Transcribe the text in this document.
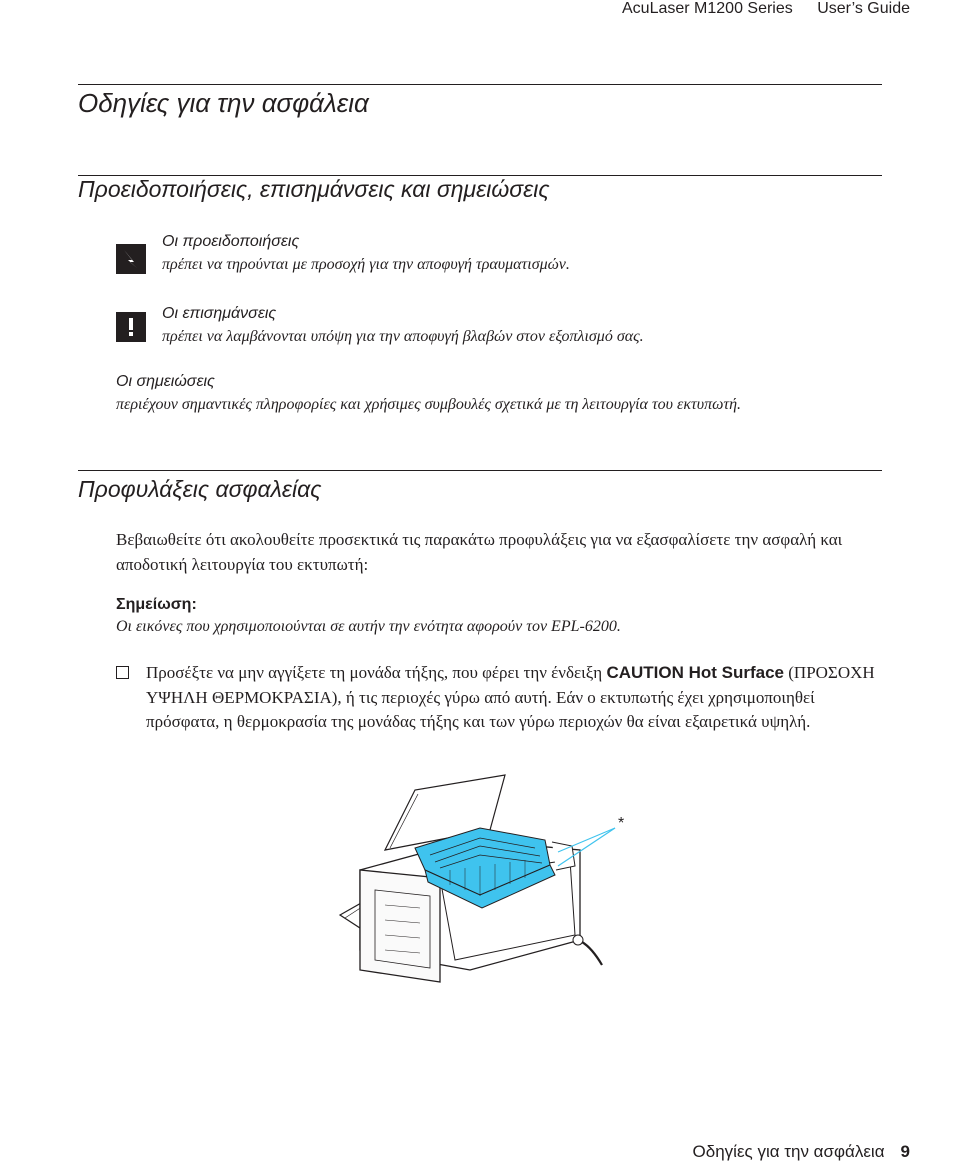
AcuLaser M1200 Series User’s Guide
Οδηγίες για την ασφάλεια
Προειδοποιήσεις, επισημάνσεις και σημειώσεις
Οι προειδοποιήσεις
πρέπει να τηρούνται με προσοχή για την αποφυγή τραυματισμών.
Οι επισημάνσεις
πρέπει να λαμβάνονται υπόψη για την αποφυγή βλαβών στον εξοπλισμό σας.
Οι σημειώσεις
περιέχουν σημαντικές πληροφορίες και χρήσιμες συμβουλές σχετικά με τη λειτουργία του εκτυπωτή.
Προφυλάξεις ασφαλείας
Βεβαιωθείτε ότι ακολουθείτε προσεκτικά τις παρακάτω προφυλάξεις για να εξασφαλίσετε την ασφαλή και αποδοτική λειτουργία του εκτυπωτή:
Σημείωση:
Οι εικόνες που χρησιμοποιούνται σε αυτήν την ενότητα αφορούν τον EPL-6200.
Προσέξτε να μην αγγίξετε τη μονάδα τήξης, που φέρει την ένδειξη CAUTION Hot Surface (ΠΡΟΣΟΧΗ ΥΨΗΛΗ ΘΕΡΜΟΚΡΑΣΙΑ), ή τις περιοχές γύρω από αυτή. Εάν ο εκτυπωτής έχει χρησιμοποιηθεί πρόσφατα, η θερμοκρασία της μονάδας τήξης και των γύρω περιοχών θα είναι εξαιρετικά υψηλή.
*
Οδηγίες για την ασφάλεια 9
